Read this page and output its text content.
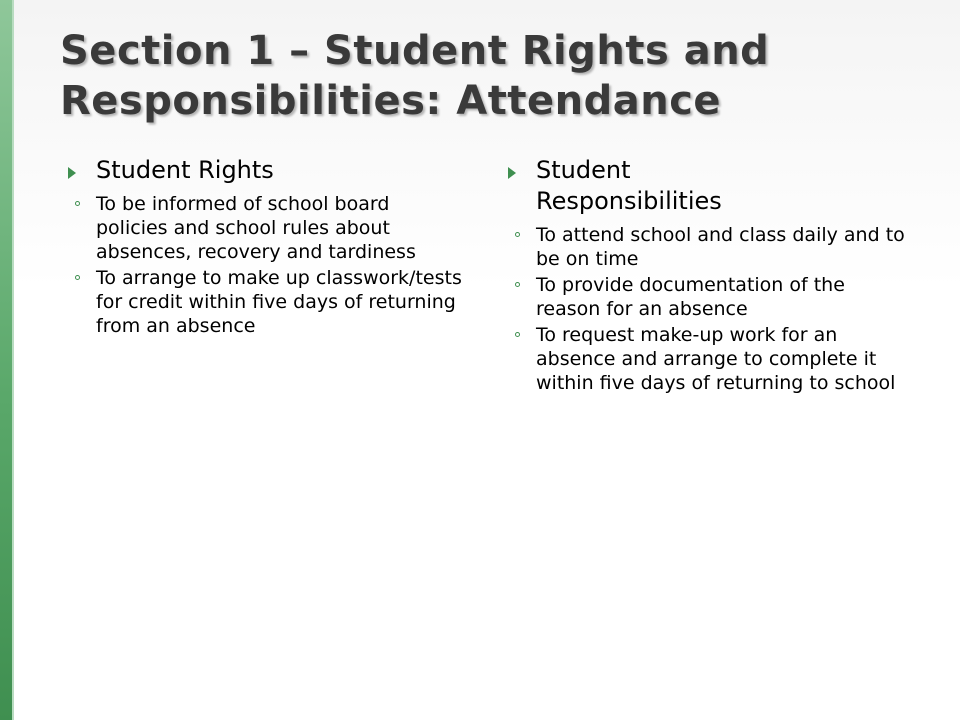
Section 1 – Student Rights and
Responsibilities: Attendance
Student Rights
To be informed of school board policies and school rules about absences, recovery and tardiness
To arrange to make up classwork/tests for credit within five days of returning from an absence
Student
Responsibilities
To attend school and class daily and to be on time
To provide documentation of the reason for an absence
To request make-up work for an absence and arrange to complete it within five days of returning to school
